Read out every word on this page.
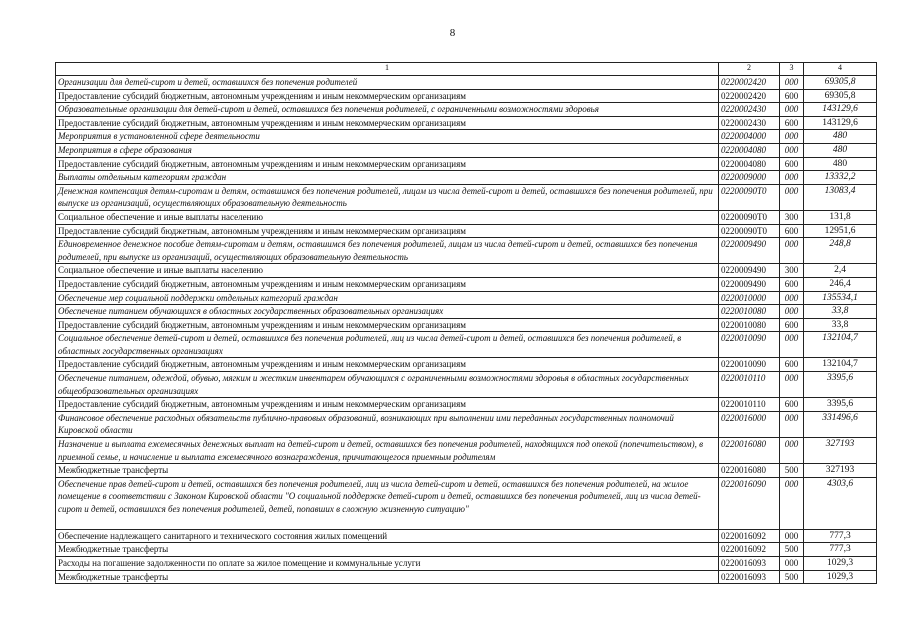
8
1	2	3	4
Организации для детей-сирот и детей, оставшихся без попечения родителей	0220002420	000	69305,8
Предоставление субсидий бюджетным, автономным учреждениям и иным некоммерческим организациям	0220002420	600	69305,8
Образовательные организации для детей-сирот и детей, оставшихся без попечения родителей, с ограниченными возможностями здоровья	0220002430	000	143129,6
Предоставление субсидий бюджетным, автономным учреждениям и иным некоммерческим организациям	0220002430	600	143129,6
Мероприятия в установленной сфере деятельности	0220004000	000	480
Мероприятия в сфере образования	0220004080	000	480
Предоставление субсидий бюджетным, автономным учреждениям и иным некоммерческим организациям	0220004080	600	480
Выплаты отдельным категориям граждан	0220009000	000	13332,2
Денежная компенсация детям-сиротам и детям, оставшимся без попечения родителей, лицам из числа детей-сирот и детей, оставшихся без попечения родителей, при выпуске из организаций, осуществляющих образовательную деятельность	02200090Т0	000	13083,4
Социальное обеспечение и иные выплаты населению	02200090Т0	300	131,8
Предоставление субсидий бюджетным, автономным учреждениям и иным некоммерческим организациям	02200090Т0	600	12951,6
Единовременное денежное пособие детям-сиротам и детям, оставшимся без попечения родителей, лицам из числа детей-сирот и детей, оставшихся без попечения родителей, при выпуске из организаций, осуществляющих образовательную деятельность	0220009490	000	248,8
Социальное обеспечение и иные выплаты населению	0220009490	300	2,4
Предоставление субсидий бюджетным, автономным учреждениям и иным некоммерческим организациям	0220009490	600	246,4
Обеспечение мер социальной поддержки отдельных категорий граждан	0220010000	000	135534,1
Обеспечение питанием обучающихся в областных государственных образовательных организациях	0220010080	000	33,8
Предоставление субсидий бюджетным, автономным учреждениям и иным некоммерческим организациям	0220010080	600	33,8
Социальное обеспечение детей-сирот и детей, оставшихся без попечения родителей, лиц из числа детей-сирот и детей, оставшихся без попечения родителей, в областных государственных организациях	0220010090	000	132104,7
Предоставление субсидий бюджетным, автономным учреждениям и иным некоммерческим организациям	0220010090	600	132104,7
Обеспечение питанием, одеждой, обувью, мягким и жестким инвентарем обучающихся с ограниченными возможностями здоровья в областных государственных общеобразовательных организациях	0220010110	000	3395,6
Предоставление субсидий бюджетным, автономным учреждениям и иным некоммерческим организациям	0220010110	600	3395,6
Финансовое обеспечение расходных обязательств публично-правовых образований, возникающих при выполнении ими переданных государственных полномочий Кировской области	0220016000	000	331496,6
Назначение и выплата ежемесячных денежных выплат на детей-сирот и детей, оставшихся без попечения родителей, находящихся под опекой (попечительством), в приемной семье, и начисление и выплата ежемесячного вознаграждения, причитающегося приемным родителям	0220016080	000	327193
Межбюджетные трансферты	0220016080	500	327193
Обеспечение прав детей-сирот и детей, оставшихся без попечения родителей, лиц из числа детей-сирот и детей, оставшихся без попечения родителей, на жилое помещение в соответствии с Законом Кировской области "О социальной поддержке детей-сирот и детей, оставшихся без попечения родителей, лиц из числа детей-сирот и детей, оставшихся без попечения родителей, детей, попавших в сложную жизненную ситуацию"	0220016090	000	4303,6
Обеспечение надлежащего санитарного и технического состояния жилых помещений	0220016092	000	777,3
Межбюджетные трансферты	0220016092	500	777,3
Расходы на погашение задолженности по оплате за жилое помещение и коммунальные услуги	0220016093	000	1029,3
Межбюджетные трансферты	0220016093	500	1029,3
